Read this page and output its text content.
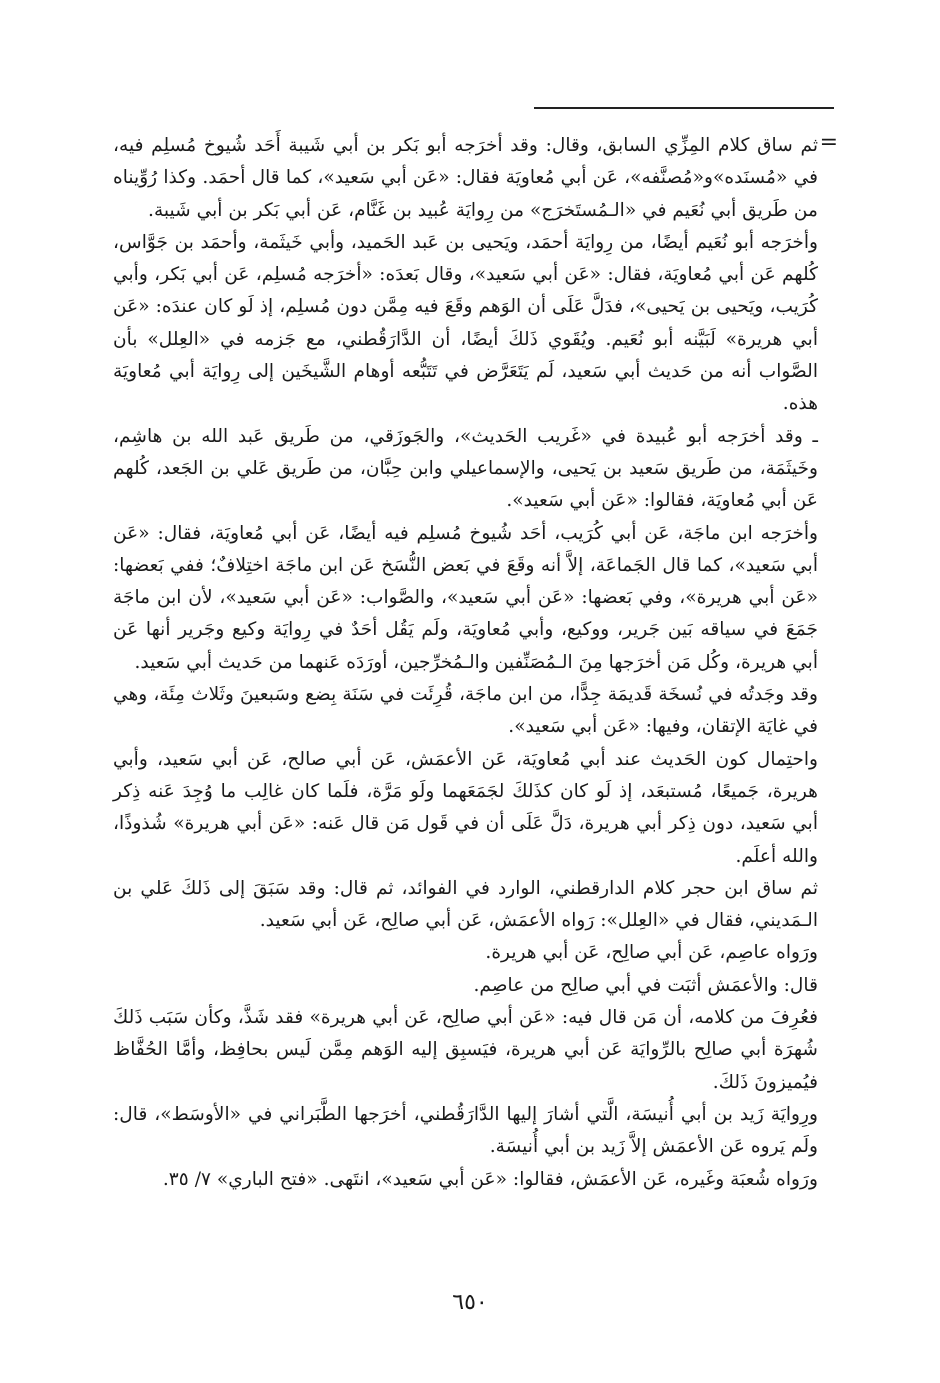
=

ثم ساق كلام المِزِّي السابق، وقال: وقد أخرَجه أبو بَكر بن أبي شَيبة أَحَد شُيوخ مُسلِم فيه، في «مُسنَده»و«مُصنَّفه»، عَن أبي مُعاويَة فقال: «عَن أبي سَعيد»، كما قال أحمَد. وكذا رُوِّيناه من طَريق أبي نُعَيم في «الـمُستَخرَج» من رِوايَة عُبيد بن غَنَّام، عَن أبي بَكر بن أبي شَيبة.

وأخرَجه أبو نُعَيم أيضًا، من رِوايَة أحمَد، ويَحيى بن عَبد الحَميد، وأبي خَيثَمة، وأحمَد بن جَوَّاس، كُلهم عَن أبي مُعاويَة، فقال: «عَن أبي سَعيد»، وقال بَعدَه: «أخرَجه مُسلِم، عَن أبي بَكر، وأبي كُرَيب، ويَحيى بن يَحيى»، فدَلَّ عَلَى أن الوَهم وقَعَ فيه مِمَّن دون مُسلِم، إذ لَو كان عندَه: «عَن أبي هريرة» لَبَيَّنه أبو نُعَيم. ويُقَوي ذَلكَ أيضًا، أن الدَّارَقُطني، مع جَزمه في «العِلل» بأن الصَّواب أنه من حَديث أبي سَعيد، لَم يَتَعَرَّض في تَتَبُّعه أوهام الشَّيخَين إلى رِوايَة أبي مُعاويَة هذه.

ـ وقد أخرَجه أبو عُبيدة في «غَريب الحَديث»، والجَوزَقي، من طَريق عَبد الله بن هاشِم، وخَيثَمَة، من طَريق سَعيد بن يَحيى، والإسماعيلي وابن حِبَّان، من طَريق عَلي بن الجَعد، كُلهم عَن أبي مُعاويَة، فقالوا: «عَن أبي سَعيد».

وأخرَجه ابن ماجَة، عَن أبي كُرَيب، أحَد شُيوخ مُسلِم فيه أيضًا، عَن أبي مُعاويَة، فقال: «عَن أبي سَعيد»، كما قال الجَماعَة، إلاَّ أنه وقَعَ في بَعض النُّسَخ عَن ابن ماجَة اختِلافٌ؛ ففي بَعضها: «عَن أبي هريرة»، وفي بَعضها: «عَن أبي سَعيد»، والصَّواب: «عَن أبي سَعيد»، لأن ابن ماجَة جَمَعَ في سياقه بَين جَرير، ووكيع، وأبي مُعاويَة، ولَم يَقُل أحَدٌ في رِوايَة وكيع وجَرير أنها عَن أبي هريرة، وكُل مَن أخرَجها مِنَ الـمُصَنِّفين والـمُخرِّجين، أورَدَه عَنهما من حَديث أبي سَعيد.

وقد وجَدتُه في نُسخَة قَديمَة جِدًّا، من ابن ماجَة، قُرِئَت في سَنَة بِضع وسَبعينَ وثَلاث مِئَة، وهي في غايَة الإتقان، وفيها: «عَن أبي سَعيد».

واحتِمال كون الحَديث عند أبي مُعاويَة، عَن الأعمَش، عَن أبي صالح، عَن أبي سَعيد، وأبي هريرة، جَميعًا، مُستبعَد، إذ لَو كان كذَلكَ لجَمَعَهما ولَو مَرَّة، فلَما كان غالِب ما وُجِدَ عَنه ذِكر أبي سَعيد، دون ذِكر أبي هريرة، دَلَّ عَلَى أن في قَول مَن قال عَنه: «عَن أبي هريرة» شُذوذًا، والله أعلَم.

ثم ساق ابن حجر كلام الدارقطني، الوارد في الفوائد، ثم قال: وقد سَبَقَ إلى ذَلكَ عَلي بن الـمَديني، فقال في «العِلل»: رَواه الأعمَش، عَن أبي صالِح، عَن أبي سَعيد.

ورَواه عاصِم، عَن أبي صالِح، عَن أبي هريرة.

قال: والأعمَش أثبَت في أبي صالِح من عاصِم.

فعُرِفَ من كلامه، أن مَن قال فيه: «عَن أبي صالِح، عَن أبي هريرة» فقد شَذَّ، وكأن سَبَب ذَلكَ شُهرَة أبي صالِح بالرِّوايَة عَن أبي هريرة، فيَسبِق إليه الوَهم مِمَّن لَيس بحافِظ، وأمَّا الحُفَّاظ فيُميزونَ ذَلكَ.

ورِوايَة زَيد بن أبي أُنيسَة، الَّتي أشارَ إليها الدَّارَقُطني، أخرَجها الطَّبَراني في «الأوسَط»، قال: ولَم يَروه عَن الأعمَش إلاَّ زَيد بن أبي أُنيسَة.

ورَواه شُعبَة وغَيره، عَن الأعمَش، فقالوا: «عَن أبي سَعيد»، انتَهى. «فتح الباري» ٧/ ٣٥.

٦٥٠
